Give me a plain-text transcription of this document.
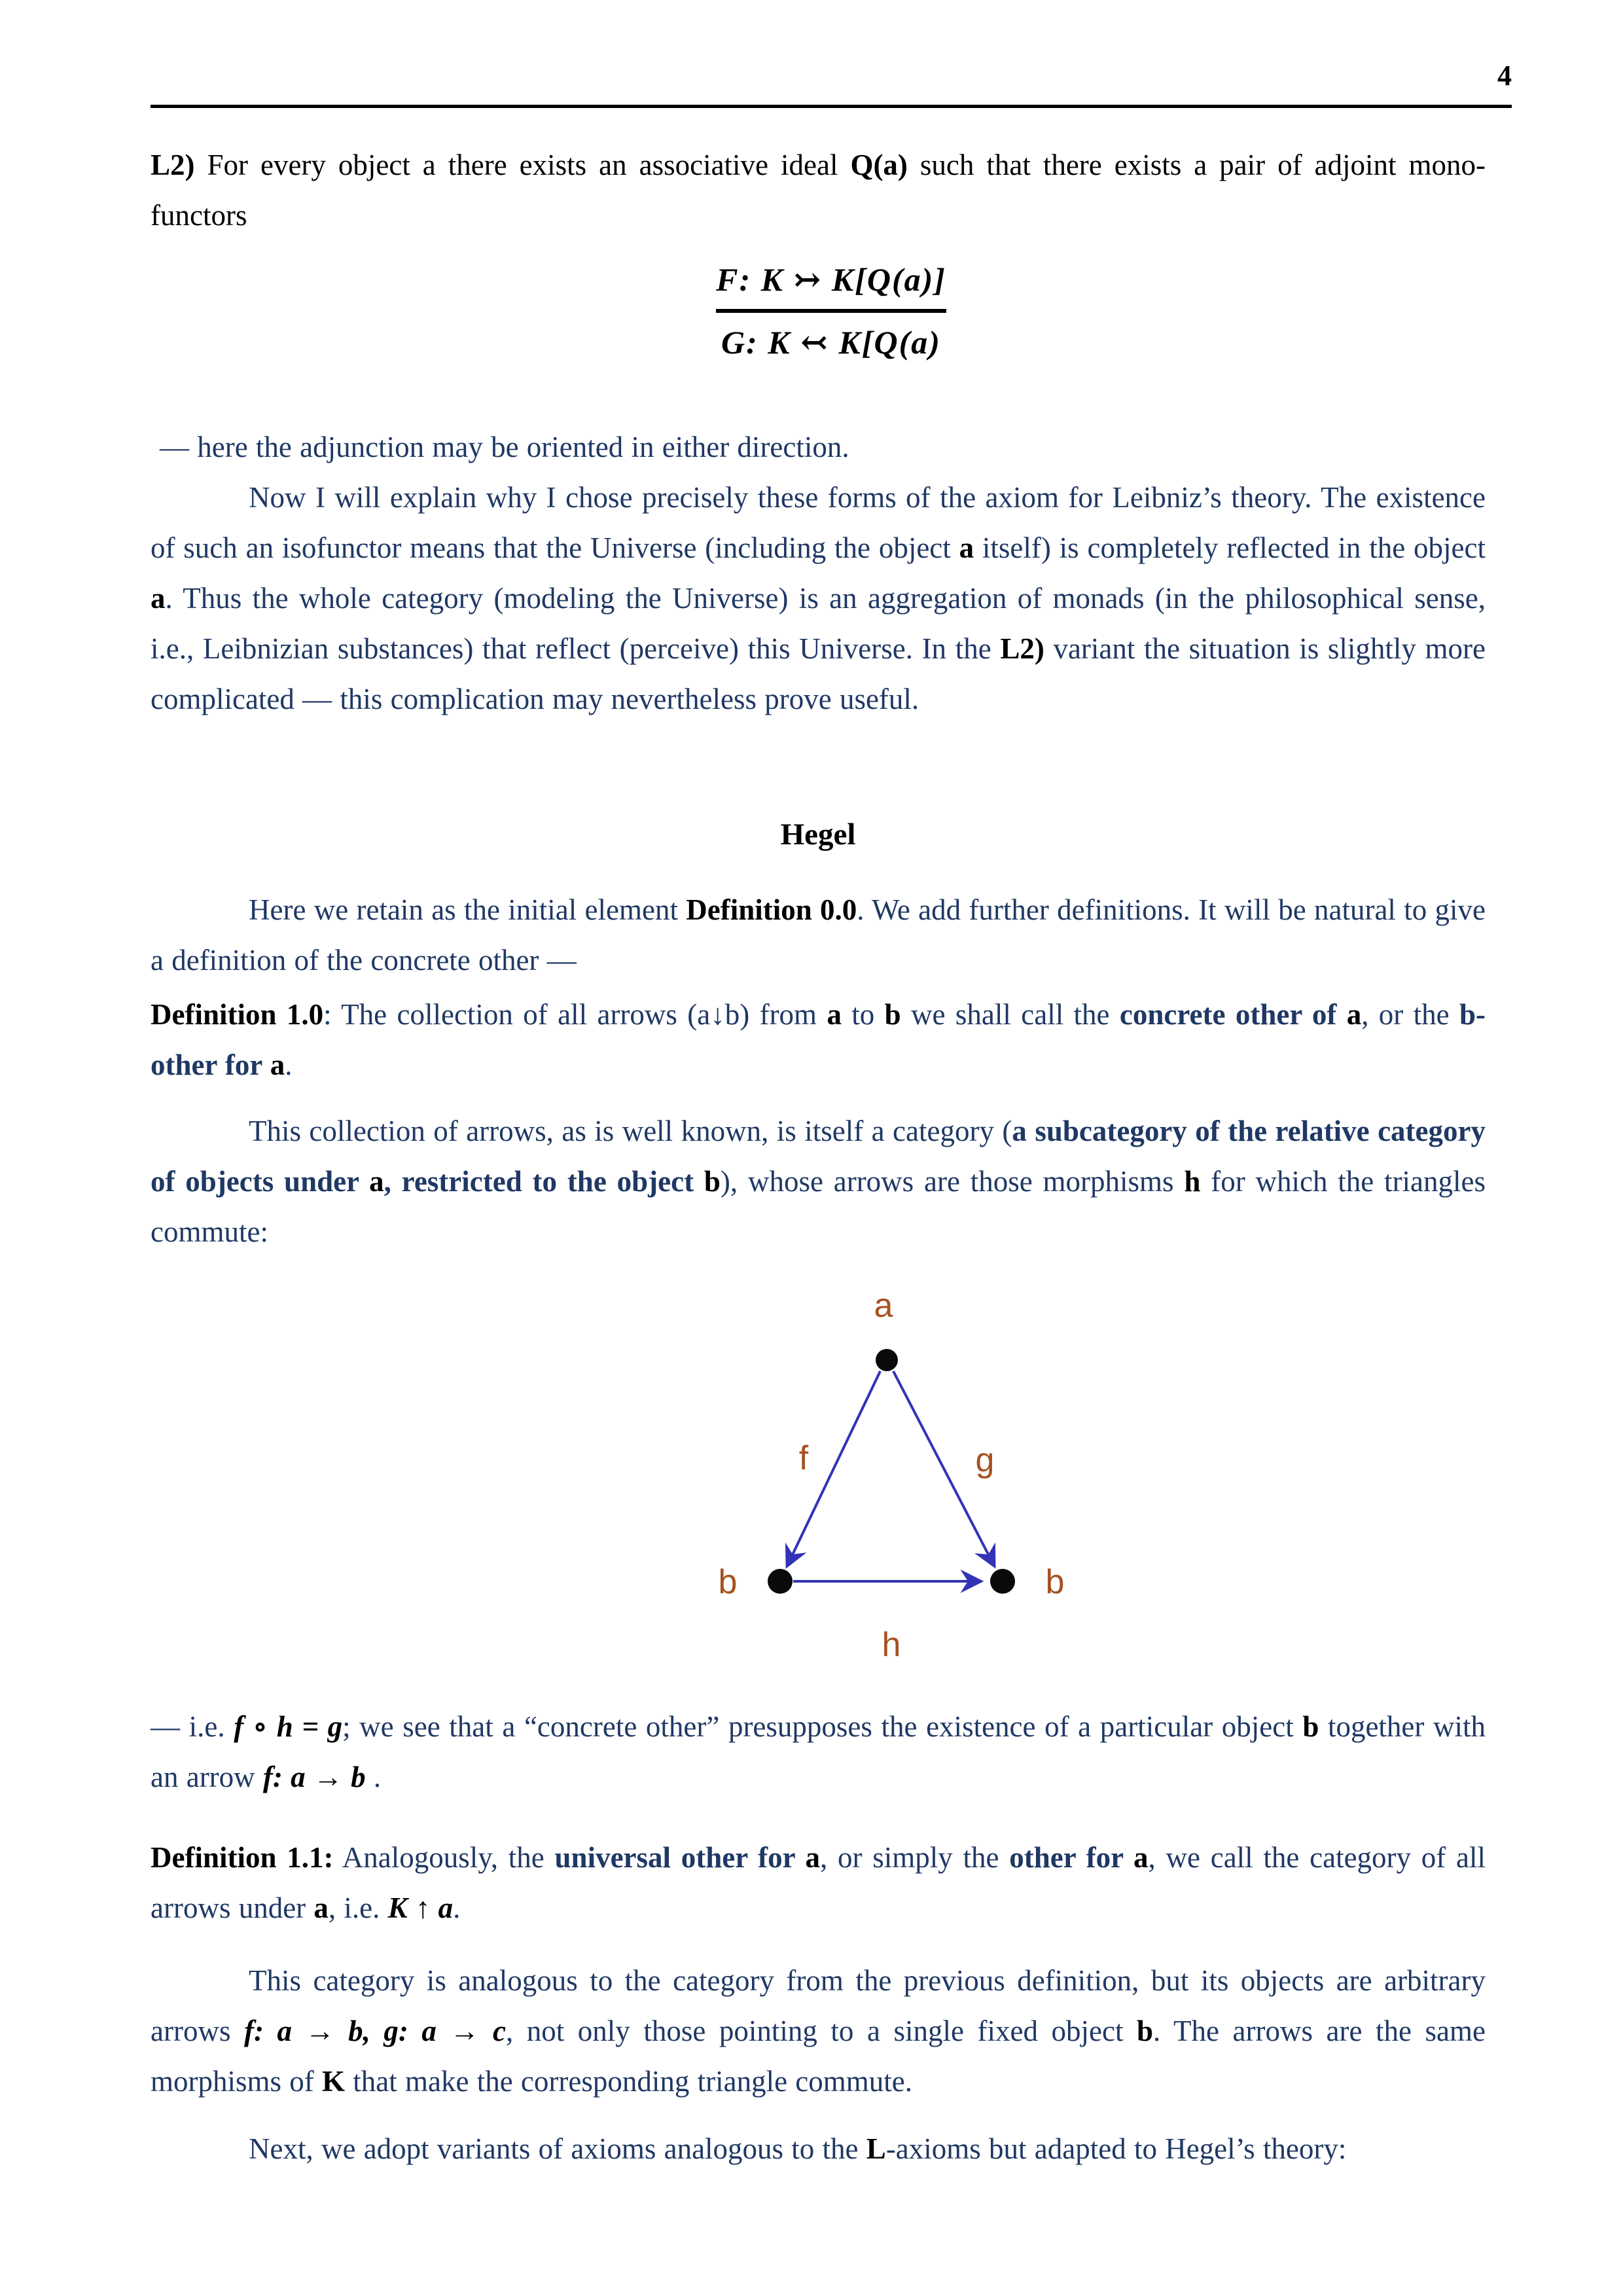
4

L2) For every object a there exists an associative ideal Q(a) such that there exists a pair of adjoint mono-functors

F: K ↣ K[Q(a)]
G: K ↢ K[Q(a)

— here the adjunction may be oriented in either direction.

Now I will explain why I chose precisely these forms of the axiom for Leibniz’s theory. The existence of such an isofunctor means that the Universe (including the object a itself) is completely reflected in the object a. Thus the whole category (modeling the Universe) is an aggregation of monads (in the philosophical sense, i.e., Leibnizian substances) that reflect (perceive) this Universe. In the L2) variant the situation is slightly more complicated — this complication may nevertheless prove useful.

Hegel

Here we retain as the initial element Definition 0.0. We add further definitions. It will be natural to give a definition of the concrete other —

Definition 1.0: The collection of all arrows (a↓b) from a to b we shall call the concrete other of a, or the b-other for a.

This collection of arrows, as is well known, is itself a category (a subcategory of the relative category of objects under a, restricted to the object b), whose arrows are those morphisms h for which the triangles commute:

a
f	g
b	b
h

— i.e. f ∘ h = g; we see that a “concrete other” presupposes the existence of a particular object b together with an arrow f: a → b .

Definition 1.1: Analogously, the universal other for a, or simply the other for a, we call the category of all arrows under a, i.e. K ↑ a.

This category is analogous to the category from the previous definition, but its objects are arbitrary arrows f: a → b, g: a → c, not only those pointing to a single fixed object b. The arrows are the same morphisms of K that make the corresponding triangle commute.

Next, we adopt variants of axioms analogous to the L-axioms but adapted to Hegel’s theory:
